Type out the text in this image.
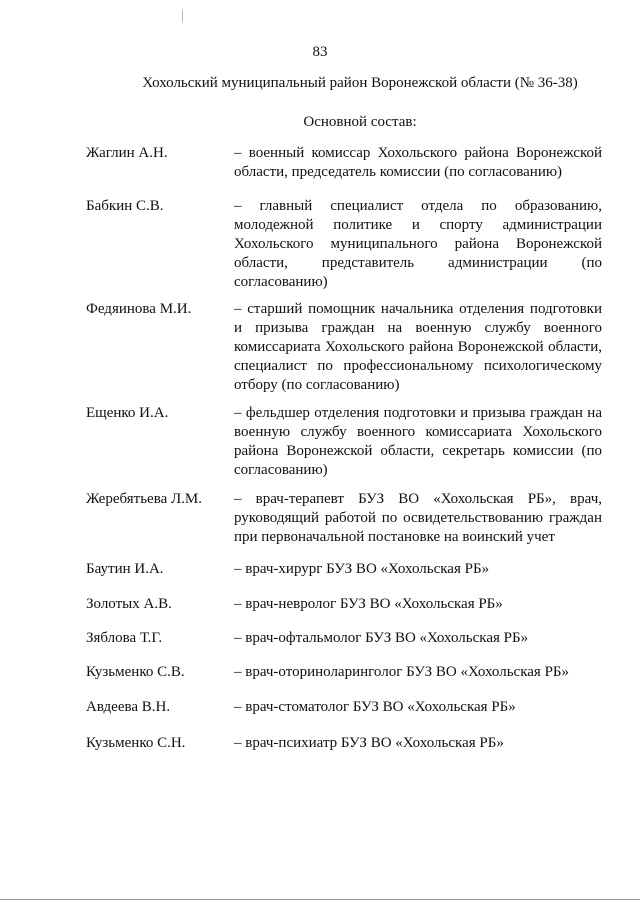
83
Хохольский муниципальный район Воронежской области (№ 36-38)
Основной состав:
Жаглин А.Н.	– военный комиссар Хохольского района Воронежской области, председатель комиссии (по согласованию)
Бабкин С.В.	– главный специалист отдела по образованию, молодежной политике и спорту администрации Хохольского муниципального района Воронежской области, представитель администрации (по согласованию)
Федяинова М.И.	– старший помощник начальника отделения подготовки и призыва граждан на военную службу военного комиссариата Хохольского района Воронежской области, специалист по профессиональному психологическому отбору (по согласованию)
Ещенко И.А.	– фельдшер отделения подготовки и призыва граждан на военную службу военного комиссариата Хохольского района Воронежской области, секретарь комиссии (по согласованию)
Жеребятьева Л.М. – врач-терапевт БУЗ ВО «Хохольская РБ», врач, руководящий работой по освидетельствованию граждан при первоначальной постановке на воинский учет
Баутин И.А.	– врач-хирург БУЗ ВО «Хохольская РБ»
Золотых А.В.	– врач-невролог БУЗ ВО «Хохольская РБ»
Зяблова Т.Г.	– врач-офтальмолог БУЗ ВО «Хохольская РБ»
Кузьменко С.В.	– врач-оториноларинголог БУЗ ВО «Хохольская РБ»
Авдеева В.Н.	– врач-стоматолог БУЗ ВО «Хохольская РБ»
Кузьменко С.Н.	– врач-психиатр БУЗ ВО «Хохольская РБ»
